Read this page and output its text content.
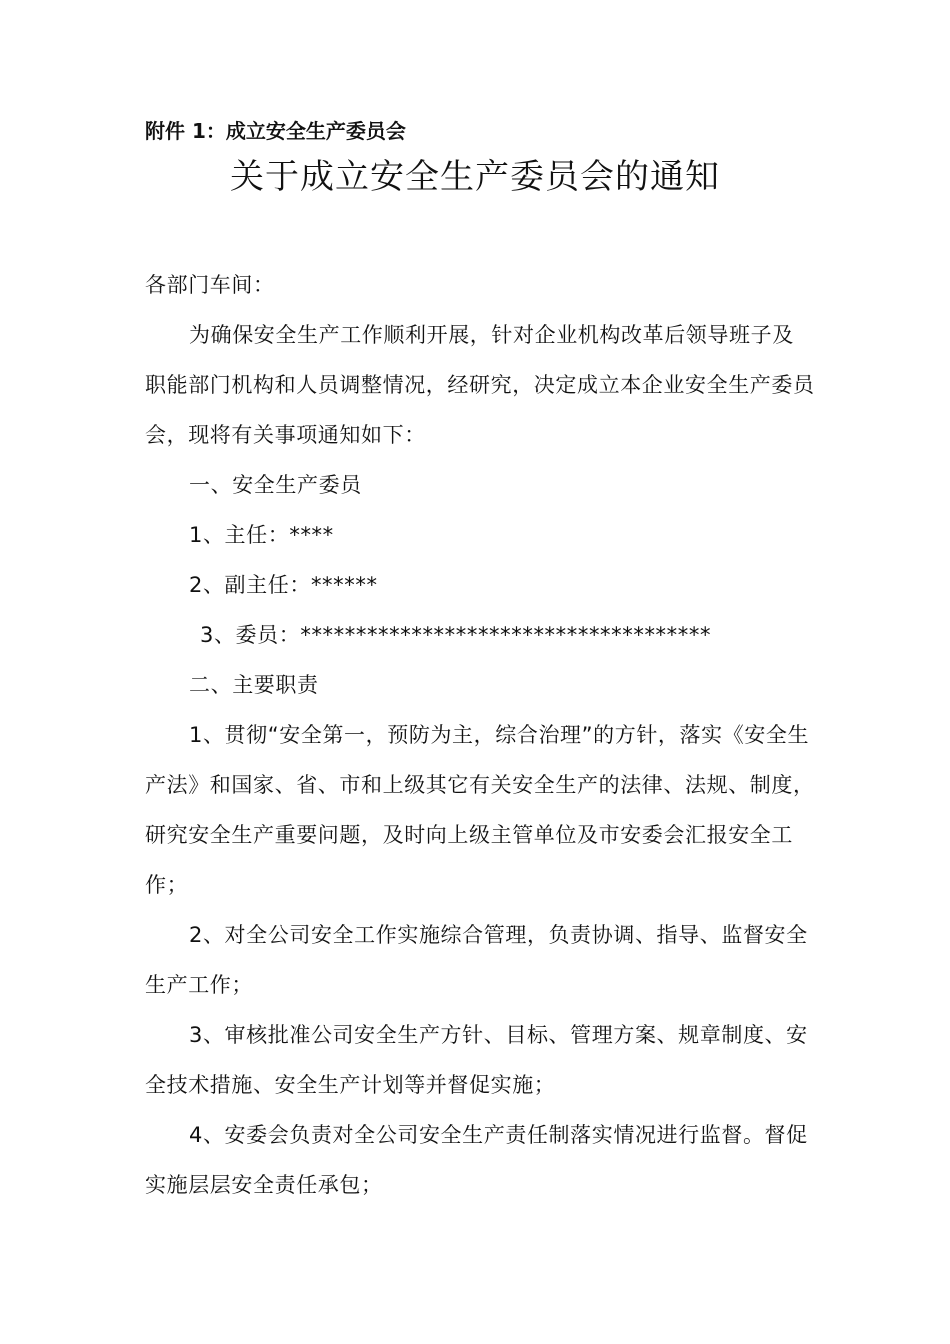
附件 1：成立安全生产委员会
关于成立安全生产委员会的通知

各部门车间：

为确保安全生产工作顺利开展，针对企业机构改革后领导班子及职能部门机构和人员调整情况，经研究，决定成立本企业安全生产委员会，现将有关事项通知如下：

一、安全生产委员

1、主任：****

2、副主任：******

3、委员：*************************************

二、主要职责

1、贯彻“安全第一，预防为主，综合治理”的方针，落实《安全生产法》和国家、省、市和上级其它有关安全生产的法律、法规、制度，研究安全生产重要问题，及时向上级主管单位及市安委会汇报安全工作；

2、对全公司安全工作实施综合管理，负责协调、指导、监督安全生产工作；

3、审核批准公司安全生产方针、目标、管理方案、规章制度、安全技术措施、安全生产计划等并督促实施；

4、安委会负责对全公司安全生产责任制落实情况进行监督。督促实施层层安全责任承包；
